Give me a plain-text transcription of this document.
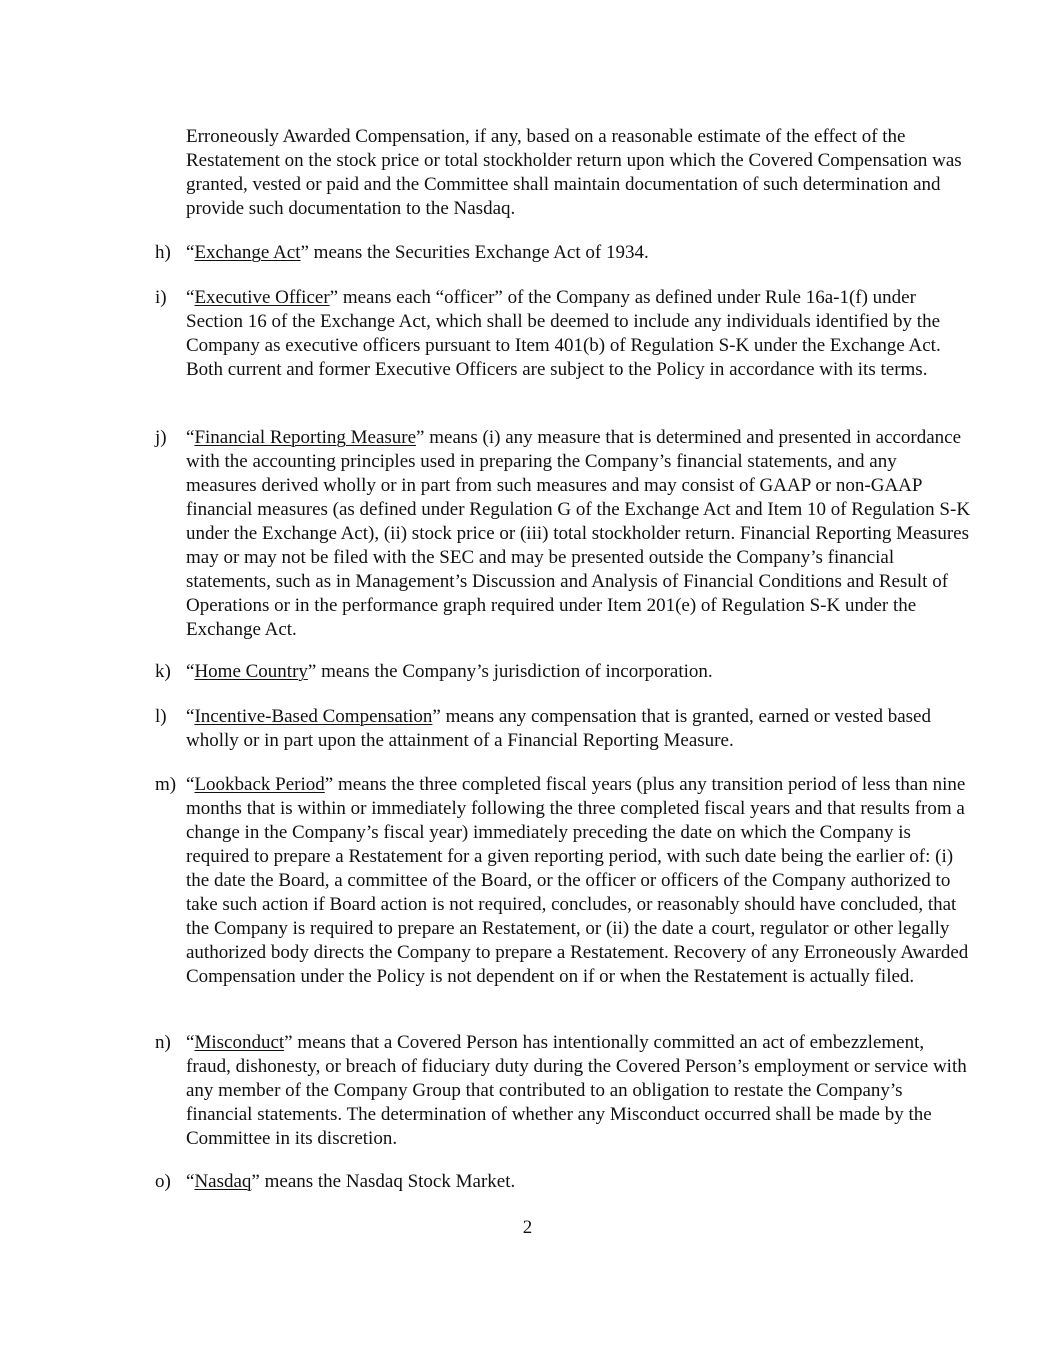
Erroneously Awarded Compensation, if any, based on a reasonable estimate of the effect of the Restatement on the stock price or total stockholder return upon which the Covered Compensation was granted, vested or paid and the Committee shall maintain documentation of such determination and provide such documentation to the Nasdaq.

h) “Exchange Act” means the Securities Exchange Act of 1934.
i)	“Executive Officer” means each “officer” of the Company as defined under Rule 16a-1(f) under Section 16 of the Exchange Act, which shall be deemed to include any individuals identified by the Company as executive officers pursuant to Item 401(b) of Regulation S-K under the Exchange Act. Both current and former Executive Officers are subject to the Policy in accordance with its terms.
j)	“Financial Reporting Measure” means (i) any measure that is determined and presented in accordance with the accounting principles used in preparing the Company’s financial statements, and any measures derived wholly or in part from such measures and may consist of GAAP or non-GAAP financial measures (as defined under Regulation G of the Exchange Act and Item 10 of Regulation S-K under the Exchange Act), (ii) stock price or (iii) total stockholder return. Financial Reporting Measures may or may not be filed with the SEC and may be presented outside the Company’s financial statements, such as in Management’s Discussion and Analysis of Financial Conditions and Result of Operations or in the performance graph required under Item 201(e) of Regulation S-K under the Exchange Act.
k) “Home Country” means the Company’s jurisdiction of incorporation.
l)	“Incentive-Based Compensation” means any compensation that is granted, earned or vested based wholly or in part upon the attainment of a Financial Reporting Measure.
m) “Lookback Period” means the three completed fiscal years (plus any transition period of less than nine months that is within or immediately following the three completed fiscal years and that results from a change in the Company’s fiscal year) immediately preceding the date on which the Company is required to prepare a Restatement for a given reporting period, with such date being the earlier of: (i) the date the Board, a committee of the Board, or the officer or officers of the Company authorized to take such action if Board action is not required, concludes, or reasonably should have concluded, that the Company is required to prepare an Restatement, or (ii) the date a court, regulator or other legally authorized body directs the Company to prepare a Restatement. Recovery of any Erroneously Awarded Compensation under the Policy is not dependent on if or when the Restatement is actually filed.
n) “Misconduct” means that a Covered Person has intentionally committed an act of embezzlement, fraud, dishonesty, or breach of fiduciary duty during the Covered Person’s employment or service with any member of the Company Group that contributed to an obligation to restate the Company’s financial statements. The determination of whether any Misconduct occurred shall be made by the Committee in its discretion.
o) “Nasdaq” means the Nasdaq Stock Market.
2
